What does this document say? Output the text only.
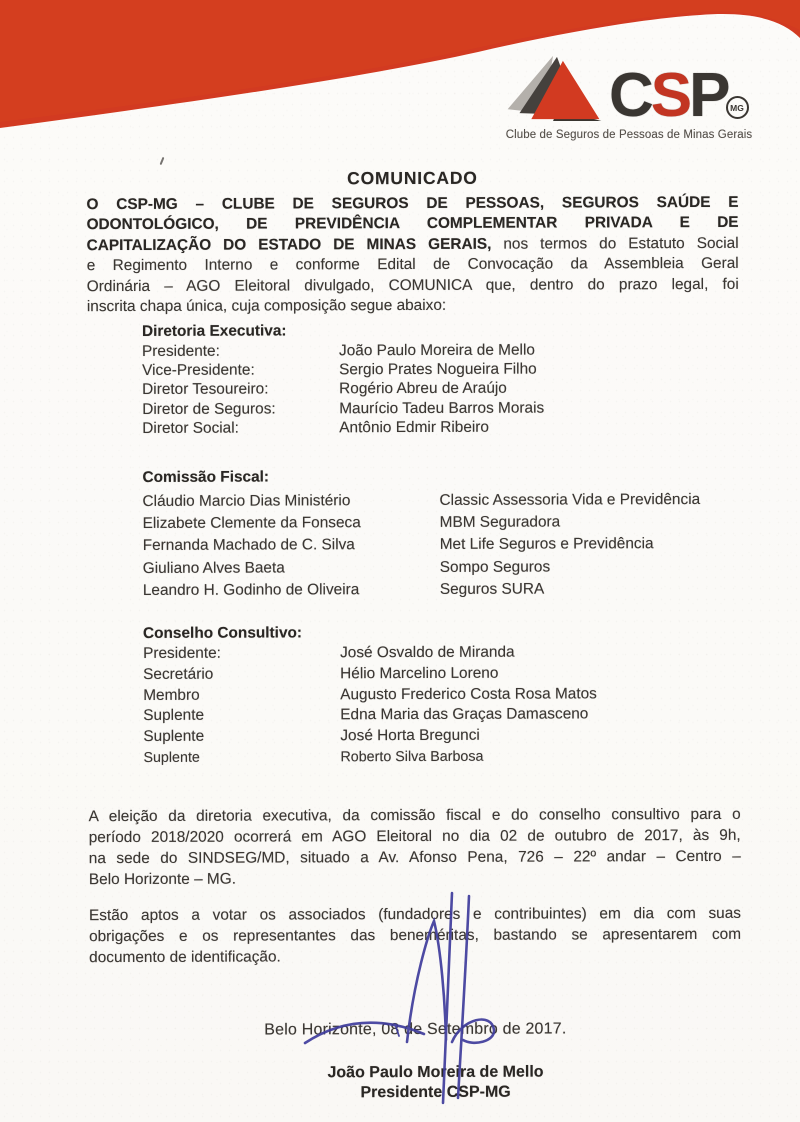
C S P MG
Clube de Seguros de Pessoas de Minas Gerais
COMUNICADO
O CSP-MG – CLUBE DE SEGUROS DE PESSOAS, SEGUROS SAÚDE E
ODONTOLÓGICO, DE PREVIDÊNCIA COMPLEMENTAR PRIVADA E DE
CAPITALIZAÇÃO DO ESTADO DE MINAS GERAIS, nos termos do Estatuto Social
e Regimento Interno e conforme Edital de Convocação da Assembleia Geral
Ordinária – AGO Eleitoral divulgado, COMUNICA que, dentro do prazo legal, foi
inscrita chapa única, cuja composição segue abaixo:
Diretoria Executiva:
Presidente:	João Paulo Moreira de Mello
Vice-Presidente:	Sergio Prates Nogueira Filho
Diretor Tesoureiro:	Rogério Abreu de Araújo
Diretor de Seguros:	Maurício Tadeu Barros Morais
Diretor Social:	Antônio Edmir Ribeiro
Comissão Fiscal:
Cláudio Marcio Dias Ministério	Classic Assessoria Vida e Previdência
Elizabete Clemente da Fonseca	MBM Seguradora
Fernanda Machado de C. Silva	Met Life Seguros e Previdência
Giuliano Alves Baeta	Sompo Seguros
Leandro H. Godinho de Oliveira	Seguros SURA
Conselho Consultivo:
Presidente:	José Osvaldo de Miranda
Secretário	Hélio Marcelino Loreno
Membro	Augusto Frederico Costa Rosa Matos
Suplente	Edna Maria das Graças Damasceno
Suplente	José Horta Bregunci
Suplente	Roberto Silva Barbosa
A eleição da diretoria executiva, da comissão fiscal e do conselho consultivo para o
período 2018/2020 ocorrerá em AGO Eleitoral no dia 02 de outubro de 2017, às 9h,
na sede do SINDSEG/MD, situado a Av. Afonso Pena, 726 – 22º andar – Centro –
Belo Horizonte – MG.
Estão aptos a votar os associados (fundadores e contribuintes) em dia com suas
obrigações e os representantes das beneméritas, bastando se apresentarem com
documento de identificação.
Belo Horizonte, 08 de Setembro de 2017.
João Paulo Moreira de Mello
Presidente CSP-MG
